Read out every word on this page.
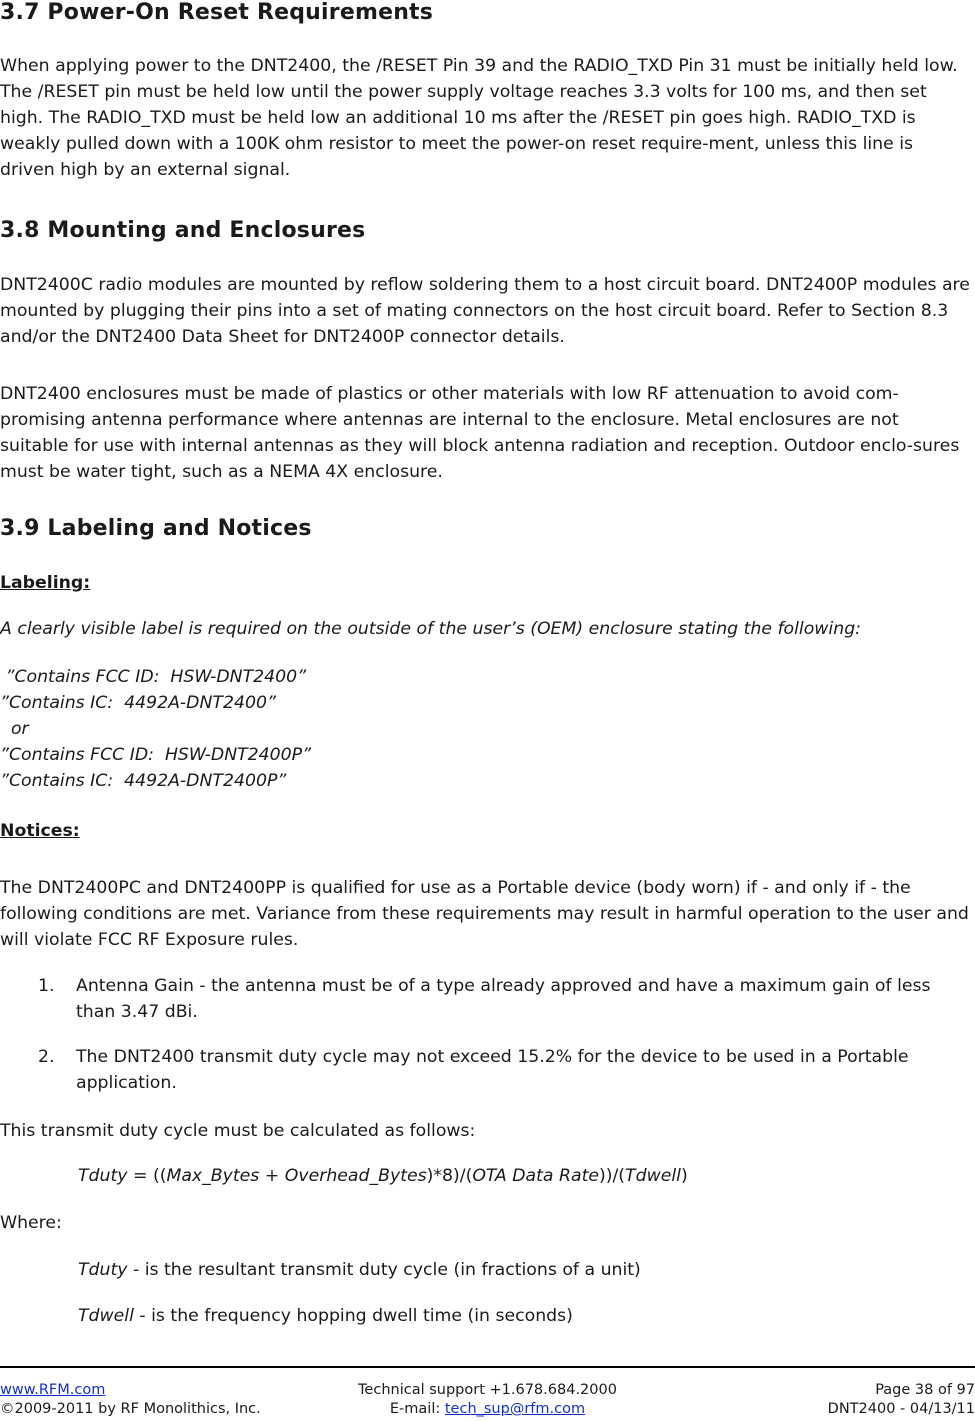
3.7 Power-On Reset Requirements
When applying power to the DNT2400, the /RESET Pin 39 and the RADIO_TXD Pin 31 must be initially held low. The /RESET pin must be held low until the power supply voltage reaches 3.3 volts for 100 ms, and then set high. The RADIO_TXD must be held low an additional 10 ms after the /RESET pin goes high. RADIO_TXD is weakly pulled down with a 100K ohm resistor to meet the power-on reset require-ment, unless this line is driven high by an external signal.
3.8 Mounting and Enclosures
DNT2400C radio modules are mounted by reflow soldering them to a host circuit board. DNT2400P modules are mounted by plugging their pins into a set of mating connectors on the host circuit board. Refer to Section 8.3 and/or the DNT2400 Data Sheet for DNT2400P connector details.
DNT2400 enclosures must be made of plastics or other materials with low RF attenuation to avoid com-promising antenna performance where antennas are internal to the enclosure. Metal enclosures are not suitable for use with internal antennas as they will block antenna radiation and reception. Outdoor enclo-sures must be water tight, such as a NEMA 4X enclosure.
3.9 Labeling and Notices
Labeling:
A clearly visible label is required on the outside of the user’s (OEM) enclosure stating the following:
”Contains FCC ID:  HSW-DNT2400”
”Contains IC:  4492A-DNT2400”
or
”Contains FCC ID:  HSW-DNT2400P”
”Contains IC:  4492A-DNT2400P”
Notices:
The DNT2400PC and DNT2400PP is qualified for use as a Portable device (body worn) if - and only if - the following conditions are met. Variance from these requirements may result in harmful operation to the user and will violate FCC RF Exposure rules.
1. Antenna Gain - the antenna must be of a type already approved and have a maximum gain of less than 3.47 dBi.
2. The DNT2400 transmit duty cycle may not exceed 15.2% for the device to be used in a Portable application.
This transmit duty cycle must be calculated as follows:
Tduty = ((Max_Bytes + Overhead_Bytes)*8)/(OTA Data Rate))/(Tdwell)
Where:
Tduty - is the resultant transmit duty cycle (in fractions of a unit)
Tdwell - is the frequency hopping dwell time (in seconds)
www.RFM.com
©2009-2011 by RF Monolithics, Inc.
Technical support +1.678.684.2000
E-mail: tech_sup@rfm.com
Page 38 of 97
DNT2400 - 04/13/11
